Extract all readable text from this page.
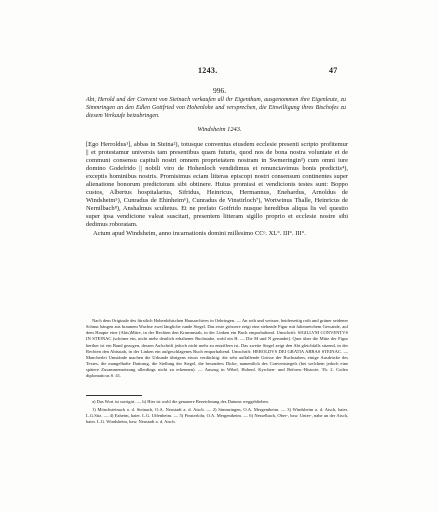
1243.	47
996.
Abt, Herold und der Convent von Steinach verkaufen all ihr Eigenthum, ausgenommen ihre Eigenleute, zu Simmringen an den Edlen Gottfried von Hohenlohe und versprechen, die Einwilligung ihres Bischofes zu diesem Verkaufe beizubringen.
Windsheim 1243.

[Ego Herroldus¹], abbas in Steina²), totusque conventus eiusdem ecclesie presenti scripto profitemur || et protestamur universis tam presentibus quam futuris, quod nos de bona nostra voluntate et de communi consensu capituli nostri omnem proprietatem nostram in Swmeringin³) cum omni iure domino Godefrido || nobili viro de Hohenloch vendidimus et renunciavimus bonis predictis⁴), exceptis hominibus nostris. Promisimus eciam litteras episcopi nostri consensum continentes super alienatione bonorum predictorum sibi obtinere. Huius promissi et vendicionis testes sunt: Boppo custos, Albertus hospitalarius, Sifridus, Heinricus, Hermannus, Enehardus, Arnoldus de Windsheim⁵), Cunradus de Ehinheim⁶), Cunradus de Vinstirloch⁷), Wortwinus Thalle, Heinricus de Nernilbach⁸), Anshalmus scultetus. Et ne prefato Gotfrido nusque heredibus aliqua lis vel questio super ipsa vendicione valeat suscitari, presentem litteram sigillo proprio et ecclesie nostre sibi dedimus roboratam.

Actum apud Windsheim, anno incarnationis domini millesimo CCᵒ. XL°. III°. III°.

Nach dem Originale des fürstlich Hohenlohischen Hausarchives in Oehringen. — An roth und weisser, beiderseitig roth und grüner seidener Schnur hängen aus braunem Wachse zwei längliche runde Siegel. Das erste grössere zeigt eine stehende Figur mit faltenreichem Gewande, auf dem Haupte eine (Abts)Mitre, in der Rechten den Krummstab, in der Linken ein Buch emporhaltend. Umschrift: SIGILLVM CONVENTVS IN STEINAC (schöner ein, nicht mehr deutlich erhaltener Buchstabe, wohl ein H. — Die M und N gerundet). Quer über die Mitte der Figur beriher ist ein Band gezogen, dessen Aufschrift jedoch nicht mehr zu entziffern ist. Das zweite Siegel zeigt den Abt gleichfalls sitzend, in der Rechten den Abtsstab, in der Linken ein aufgeschlagenes Buch emporhaltend. Umschrift: HEROLDVS DEI GRATIA ABBAS STEINAC. — Mancherlei Umstände machen die Urkunde übrigens etwas verdächtig: die sehr auffallende Grösse der Buchstaben, einige Ausdrücke des Textes, die mangelhafte Datirung, die Stellung der Siegel, die besonders Dicke, namentlich des Conventsiegels (bei welchem jedoch eine spätere Zusammensetzung allerdings nicht zu erkennen). — Auszug in Wibel, Hohenl. Kyrchen- und Reform.-Historie, Th. 2. Codex diplomaticus S. 41.

a) Das Wort ist sorrigirt. — b) Hier ist wohl die genauere Bezeichnung des Datums weggeblieben.

1) Mönchsteinach a. d. Steinach, O.A. Neustadt a. d. Aisch. — 2) Simmringen, O.A. Mergentheim. — 3) Windsheim a. d. Aisch, baier. L.G.Sitz. — 4) Ezheim, baier. L.G. Uffenheim. — 5) Finsterlohr, O.A. Mergentheim. — 6) Nesselbach, Ober-, bzw. Unter-, nahe an der Aisch, baier. L.G. Windsheim, bzw. Neustadt a. d. Aisch.
